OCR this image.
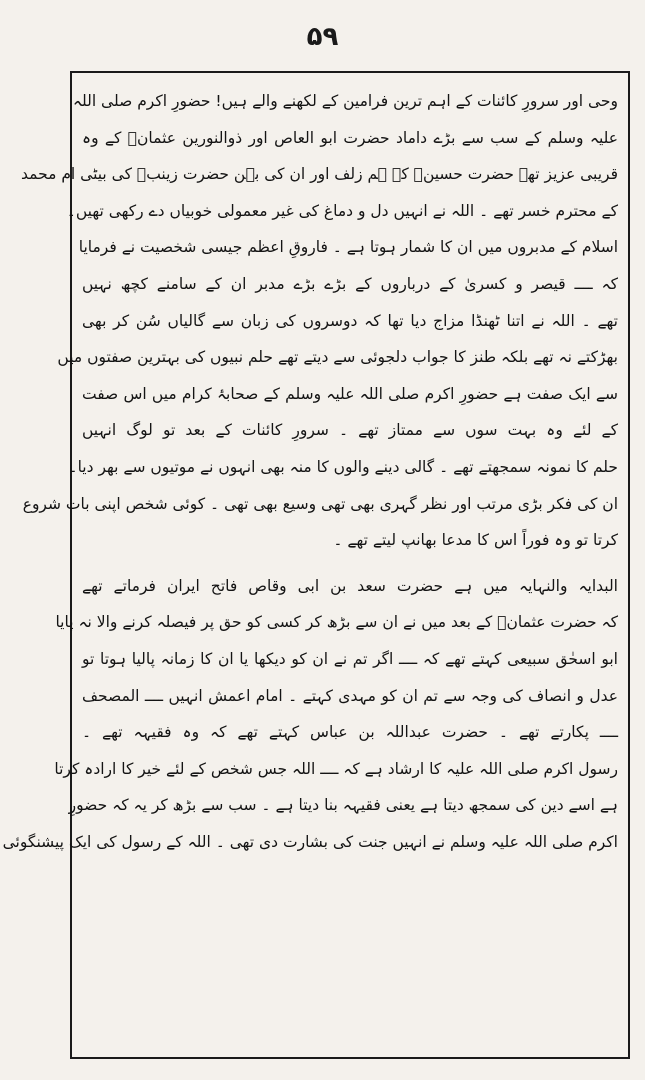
۵۹
وحی اور سرورِ کائنات کے اہم ترین فرامین کے لکھنے والے ہیں! حضورِ اکرم صلی اللہ
علیہ وسلم کے سب سے بڑے داماد حضرت ابو العاص اور ذوالنورین عثمانؓ کے وہ
قریبی عزیز تھے حضرت حسینؓ کے ہم زلف اور ان کی بہن حضرت زینبؓ کی بیٹی ام محمد
کے محترم خسر تھے ۔ اللہ نے انہیں دل و دماغ کی غیر معمولی خوبیاں دے رکھی تھیں۔
اسلام کے مدبروں میں ان کا شمار ہوتا ہے ۔ فاروقِ اعظم جیسی شخصیت نے فرمایا
کہ ــــ قیصر و کسریٰ کے درباروں کے بڑے بڑے مدبر ان کے سامنے کچھ نہیں
تھے ۔ اللہ نے اتنا ٹھنڈا مزاج دیا تھا کہ دوسروں کی زبان سے گالیاں سُن کر بھی
بھڑکتے نہ تھے بلکہ طنز کا جواب دلجوئی سے دیتے تھے حلم نبیوں کی بہترین صفتوں میں
سے ایک صفت ہے حضورِ اکرم صلی اللہ علیہ وسلم کے صحابۂ کرام میں اس صفت
کے لئے وہ بہت سوں سے ممتاز تھے ۔ سرورِ کائنات کے بعد تو لوگ انہیں
حلم کا نمونہ سمجھتے تھے ۔ گالی دینے والوں کا منہ بھی انہوں نے موتیوں سے بھر دیا۔
ان کی فکر بڑی مرتب اور نظر گہری بھی تھی وسیع بھی تھی ۔ کوئی شخص اپنی بات شروع
کرتا تو وہ فوراً اس کا مدعا بھانپ لیتے تھے ۔
البدایہ والنہایہ میں ہے حضرت سعد بن ابی وقاص فاتح ایران فرماتے تھے
کہ حضرت عثمانؓ کے بعد میں نے ان سے بڑھ کر کسی کو حق پر فیصلہ کرنے والا نہ پایا
ابو اسحٰق سبیعی کہتے تھے کہ ــــ اگر تم نے ان کو دیکھا یا ان کا زمانہ پالیا ہوتا تو
عدل و انصاف کی وجہ سے تم ان کو مہدی کہتے ۔ امام اعمش انہیں ــــ المصحف
ــــ پکارتے تھے ۔ حضرت عبداللہ بن عباس کہتے تھے کہ وہ فقیہہ تھے ۔
رسول اکرم صلی اللہ علیہ کا ارشاد ہے کہ ــــ اللہ جس شخص کے لئے خیر کا ارادہ کرتا
ہے اسے دین کی سمجھ دیتا ہے یعنی فقیہہ بنا دیتا ہے ۔ سب سے بڑھ کر یہ کہ حضورِ
اکرم صلی اللہ علیہ وسلم نے انہیں جنت کی بشارت دی تھی ۔ اللہ کے رسول کی ایک پیشنگوئی
